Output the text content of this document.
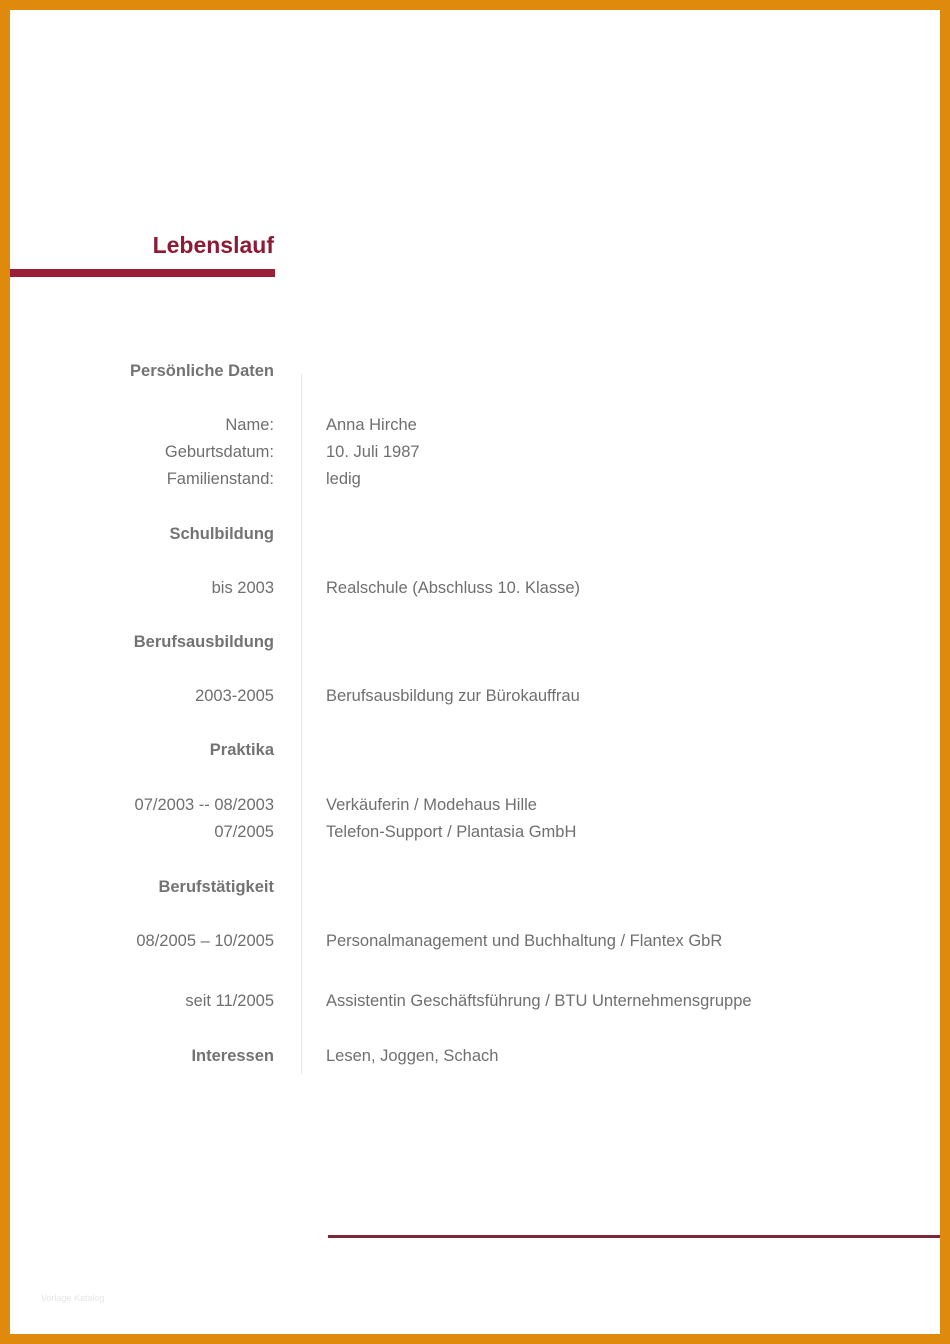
Lebenslauf
Persönliche Daten
Name:	Anna Hirche
Geburtsdatum:	10. Juli 1987
Familienstand:	ledig
Schulbildung
bis 2003	Realschule (Abschluss 10. Klasse)
Berufsausbildung
2003-2005	Berufsausbildung zur Bürokauffrau
Praktika
07/2003 -- 08/2003	Verkäuferin / Modehaus Hille
07/2005	Telefon-Support / Plantasia GmbH
Berufstätigkeit
08/2005 – 10/2005	Personalmanagement und Buchhaltung / Flantex GbR
seit 11/2005	Assistentin Geschäftsführung / BTU Unternehmensgruppe
Interessen	Lesen, Joggen, Schach
Vorlage Katalog
